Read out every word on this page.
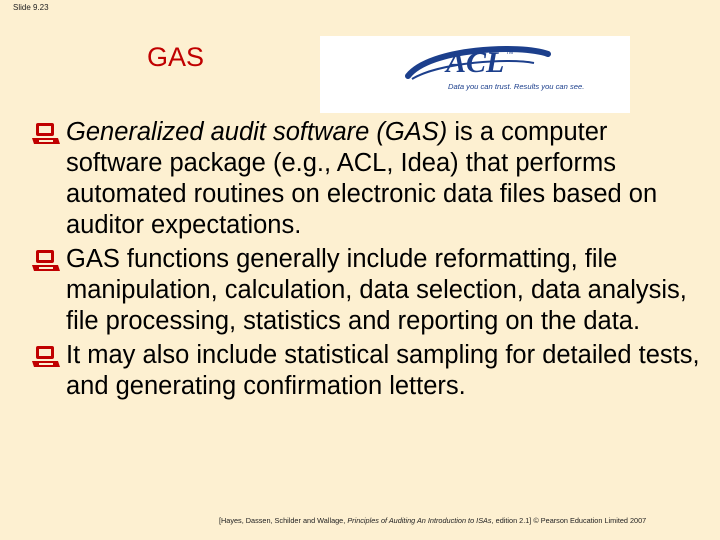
Slide 9.23
GAS	ACL TM
Data you can trust. Results you can see.
Generalized audit software (GAS) is a computer software package (e.g., ACL, Idea) that performs automated routines on electronic data files based on auditor expectations.
GAS functions generally include reformatting, file manipulation, calculation, data selection, data analysis, file processing, statistics and reporting on the data.
It may also include statistical sampling for detailed tests, and generating confirmation letters.
[Hayes, Dassen, Schilder and Wallage, Principles of Auditing An Introduction to ISAs, edition 2.1] © Pearson Education Limited 2007
